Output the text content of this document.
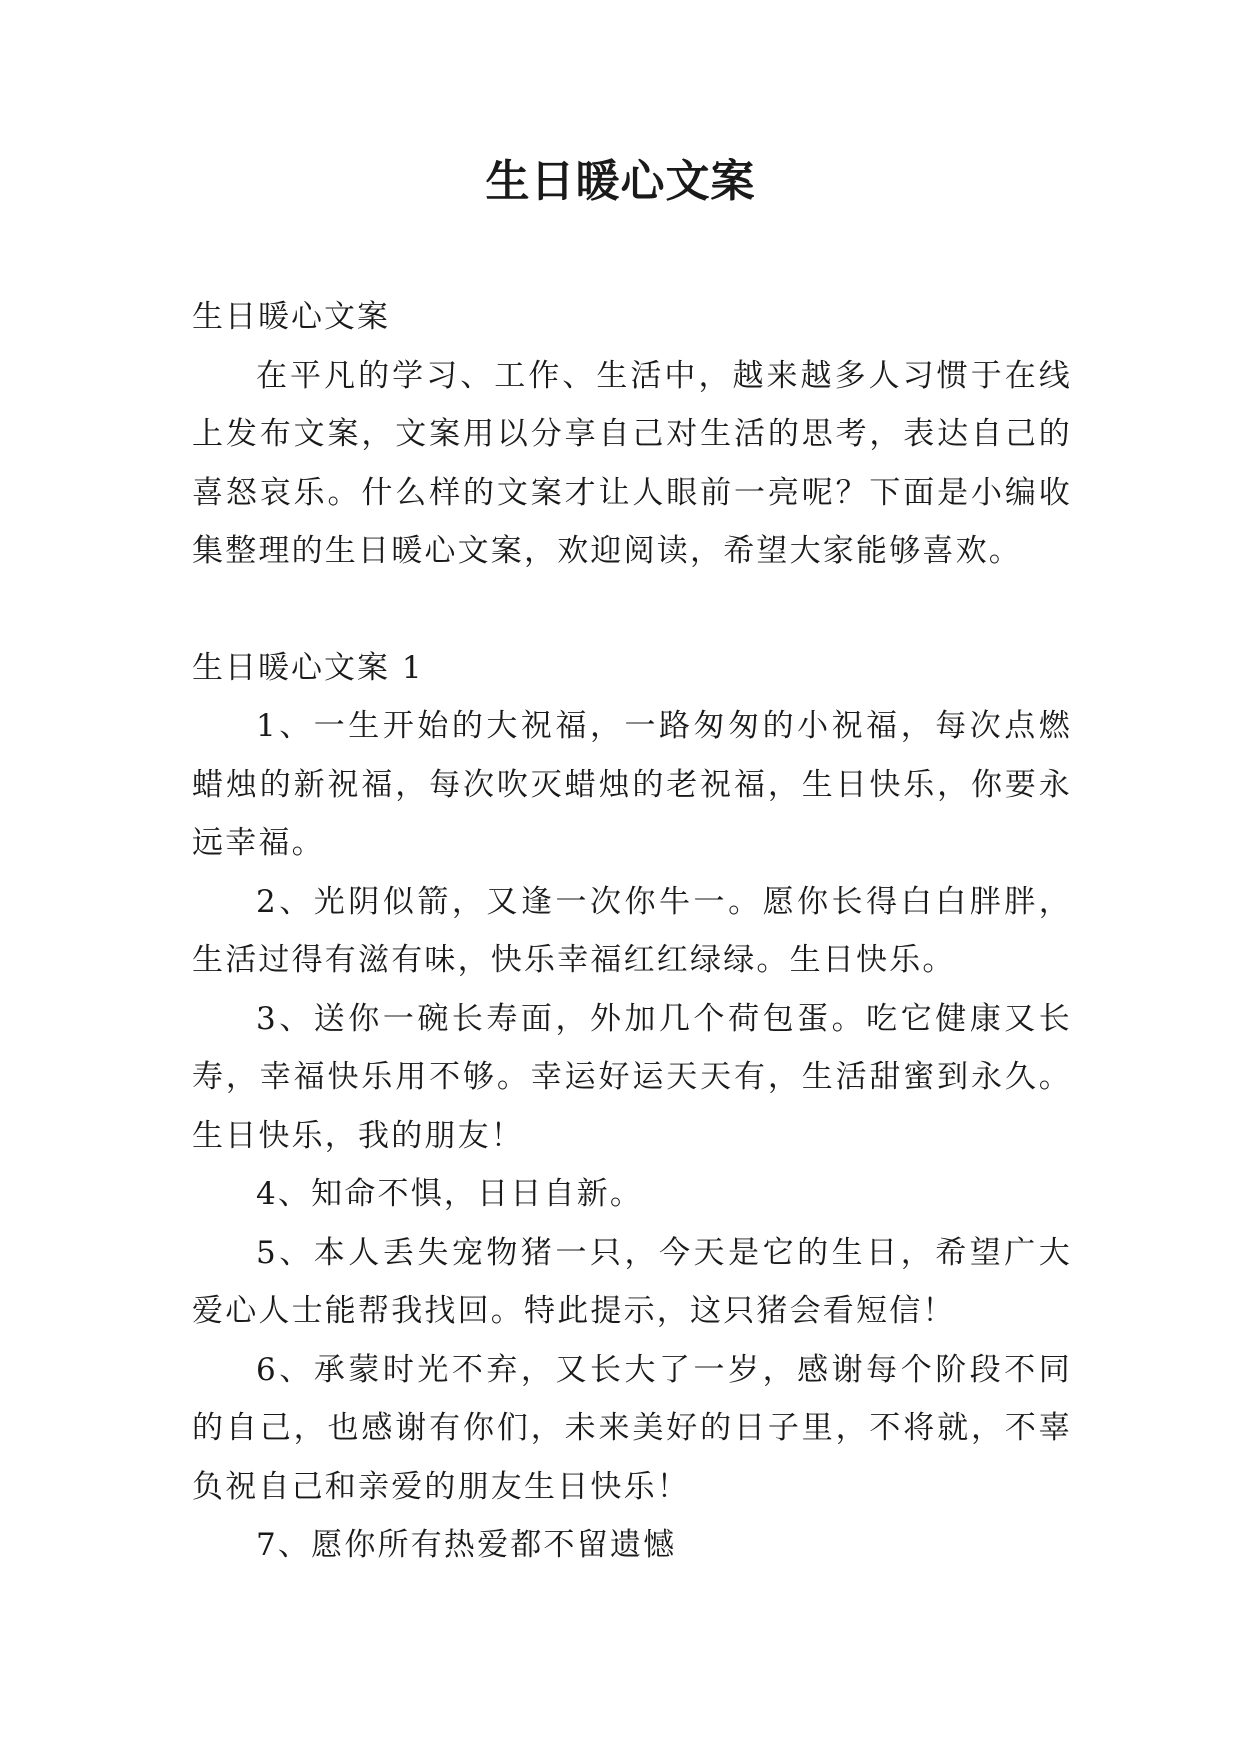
生日暖心文案

生日暖心文案

在平凡的学习、工作、生活中，越来越多人习惯于在线上发布文案，文案用以分享自己对生活的思考，表达自己的喜怒哀乐。什么样的文案才让人眼前一亮呢？下面是小编收集整理的生日暖心文案，欢迎阅读，希望大家能够喜欢。

生日暖心文案 1

1、一生开始的大祝福，一路匆匆的小祝福，每次点燃蜡烛的新祝福，每次吹灭蜡烛的老祝福，生日快乐，你要永远幸福。

2、光阴似箭，又逢一次你牛一。愿你长得白白胖胖，生活过得有滋有味，快乐幸福红红绿绿。生日快乐。

3、送你一碗长寿面，外加几个荷包蛋。吃它健康又长寿，幸福快乐用不够。幸运好运天天有，生活甜蜜到永久。生日快乐，我的朋友！

4、知命不惧，日日自新。

5、本人丢失宠物猪一只，今天是它的生日，希望广大爱心人士能帮我找回。特此提示，这只猪会看短信！

6、承蒙时光不弃，又长大了一岁，感谢每个阶段不同的自己，也感谢有你们，未来美好的日子里，不将就，不辜负祝自己和亲爱的朋友生日快乐！

7、愿你所有热爱都不留遗憾
